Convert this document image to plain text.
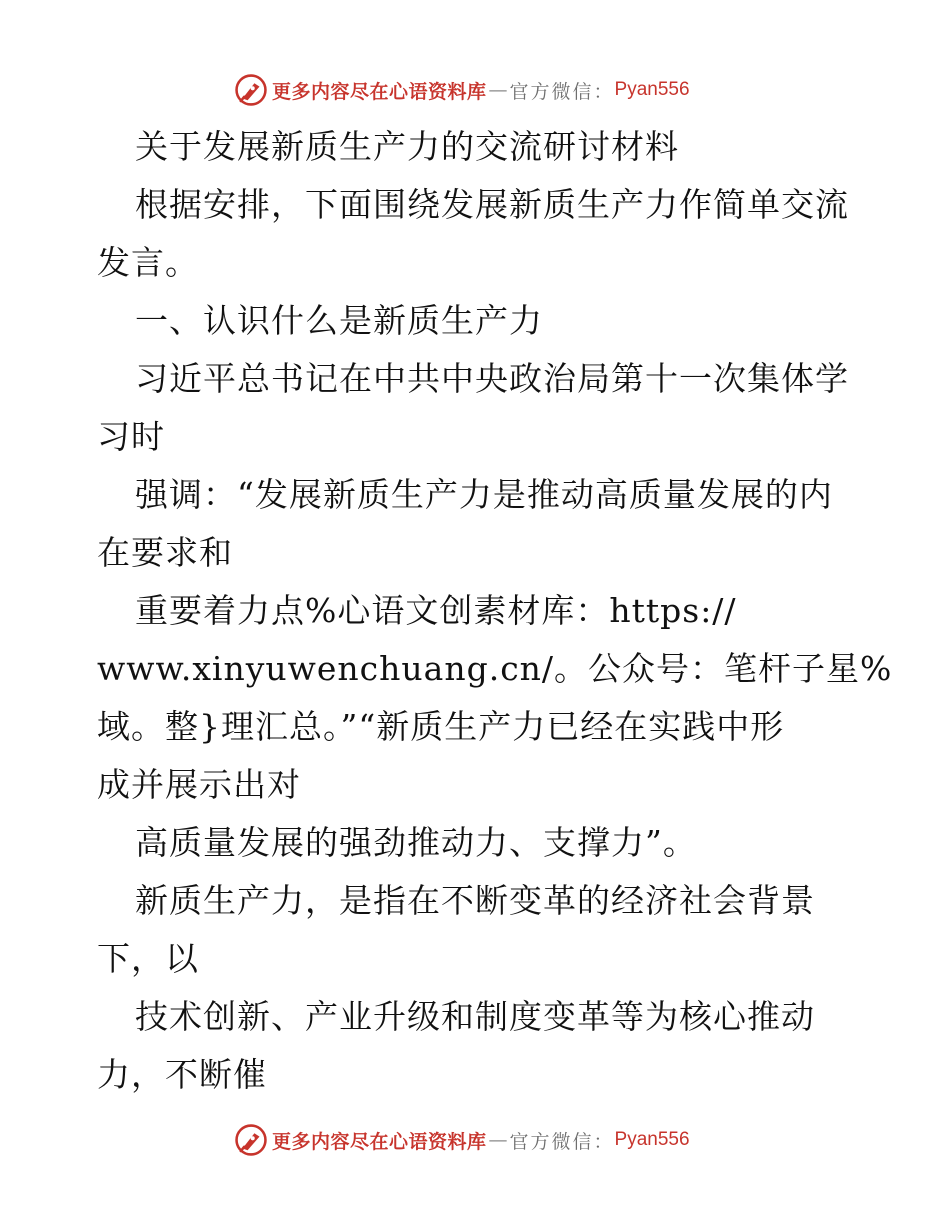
更多内容尽在心语资料库 — 官方微信： Pyan556
关于发展新质生产力的交流研讨材料
根据安排，下面围绕发展新质生产力作简单交流
发言。
一、认识什么是新质生产力
习近平总书记在中共中央政治局第十一次集体学
习时
强调：“发展新质生产力是推动高质量发展的内
在要求和
重要着力点%心语文创素材库：https://
www.xinyuwenchuang.cn/。公众号：笔杆子星%
域。整}理汇总。”“新质生产力已经在实践中形
成并展示出对
高质量发展的强劲推动力、支撑力”。
新质生产力，是指在不断变革的经济社会背景
下，以
技术创新、产业升级和制度变革等为核心推动
力，不断催
更多内容尽在心语资料库 — 官方微信： Pyan556
